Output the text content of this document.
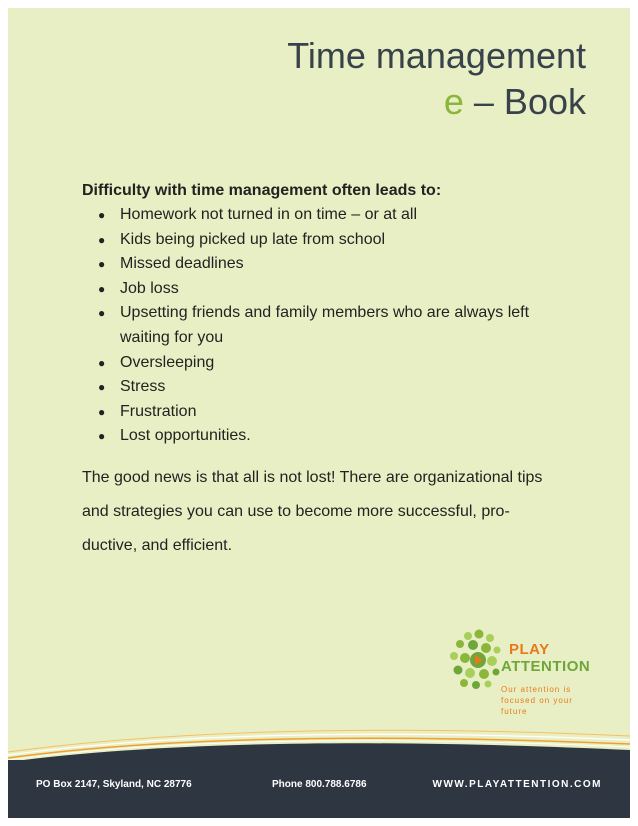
Time management
e – Book

Difficulty with time management often leads to:

● Homework not turned in on time – or at all
● Kids being picked up late from school
● Missed deadlines
● Job loss
● Upsetting friends and family members who are always left waiting for you
● Oversleeping
● Stress
● Frustration
● Lost opportunities.
The good news is that all is not lost! There are organizational tips and strategies you can use to become more successful, pro-ductive, and efficient.
PLAY
ATTENTION
Our attention is focused on your future
PO Box 2147, Skyland, NC 28776	Phone 800.788.6786	WWW.PLAYATTENTION.COM
